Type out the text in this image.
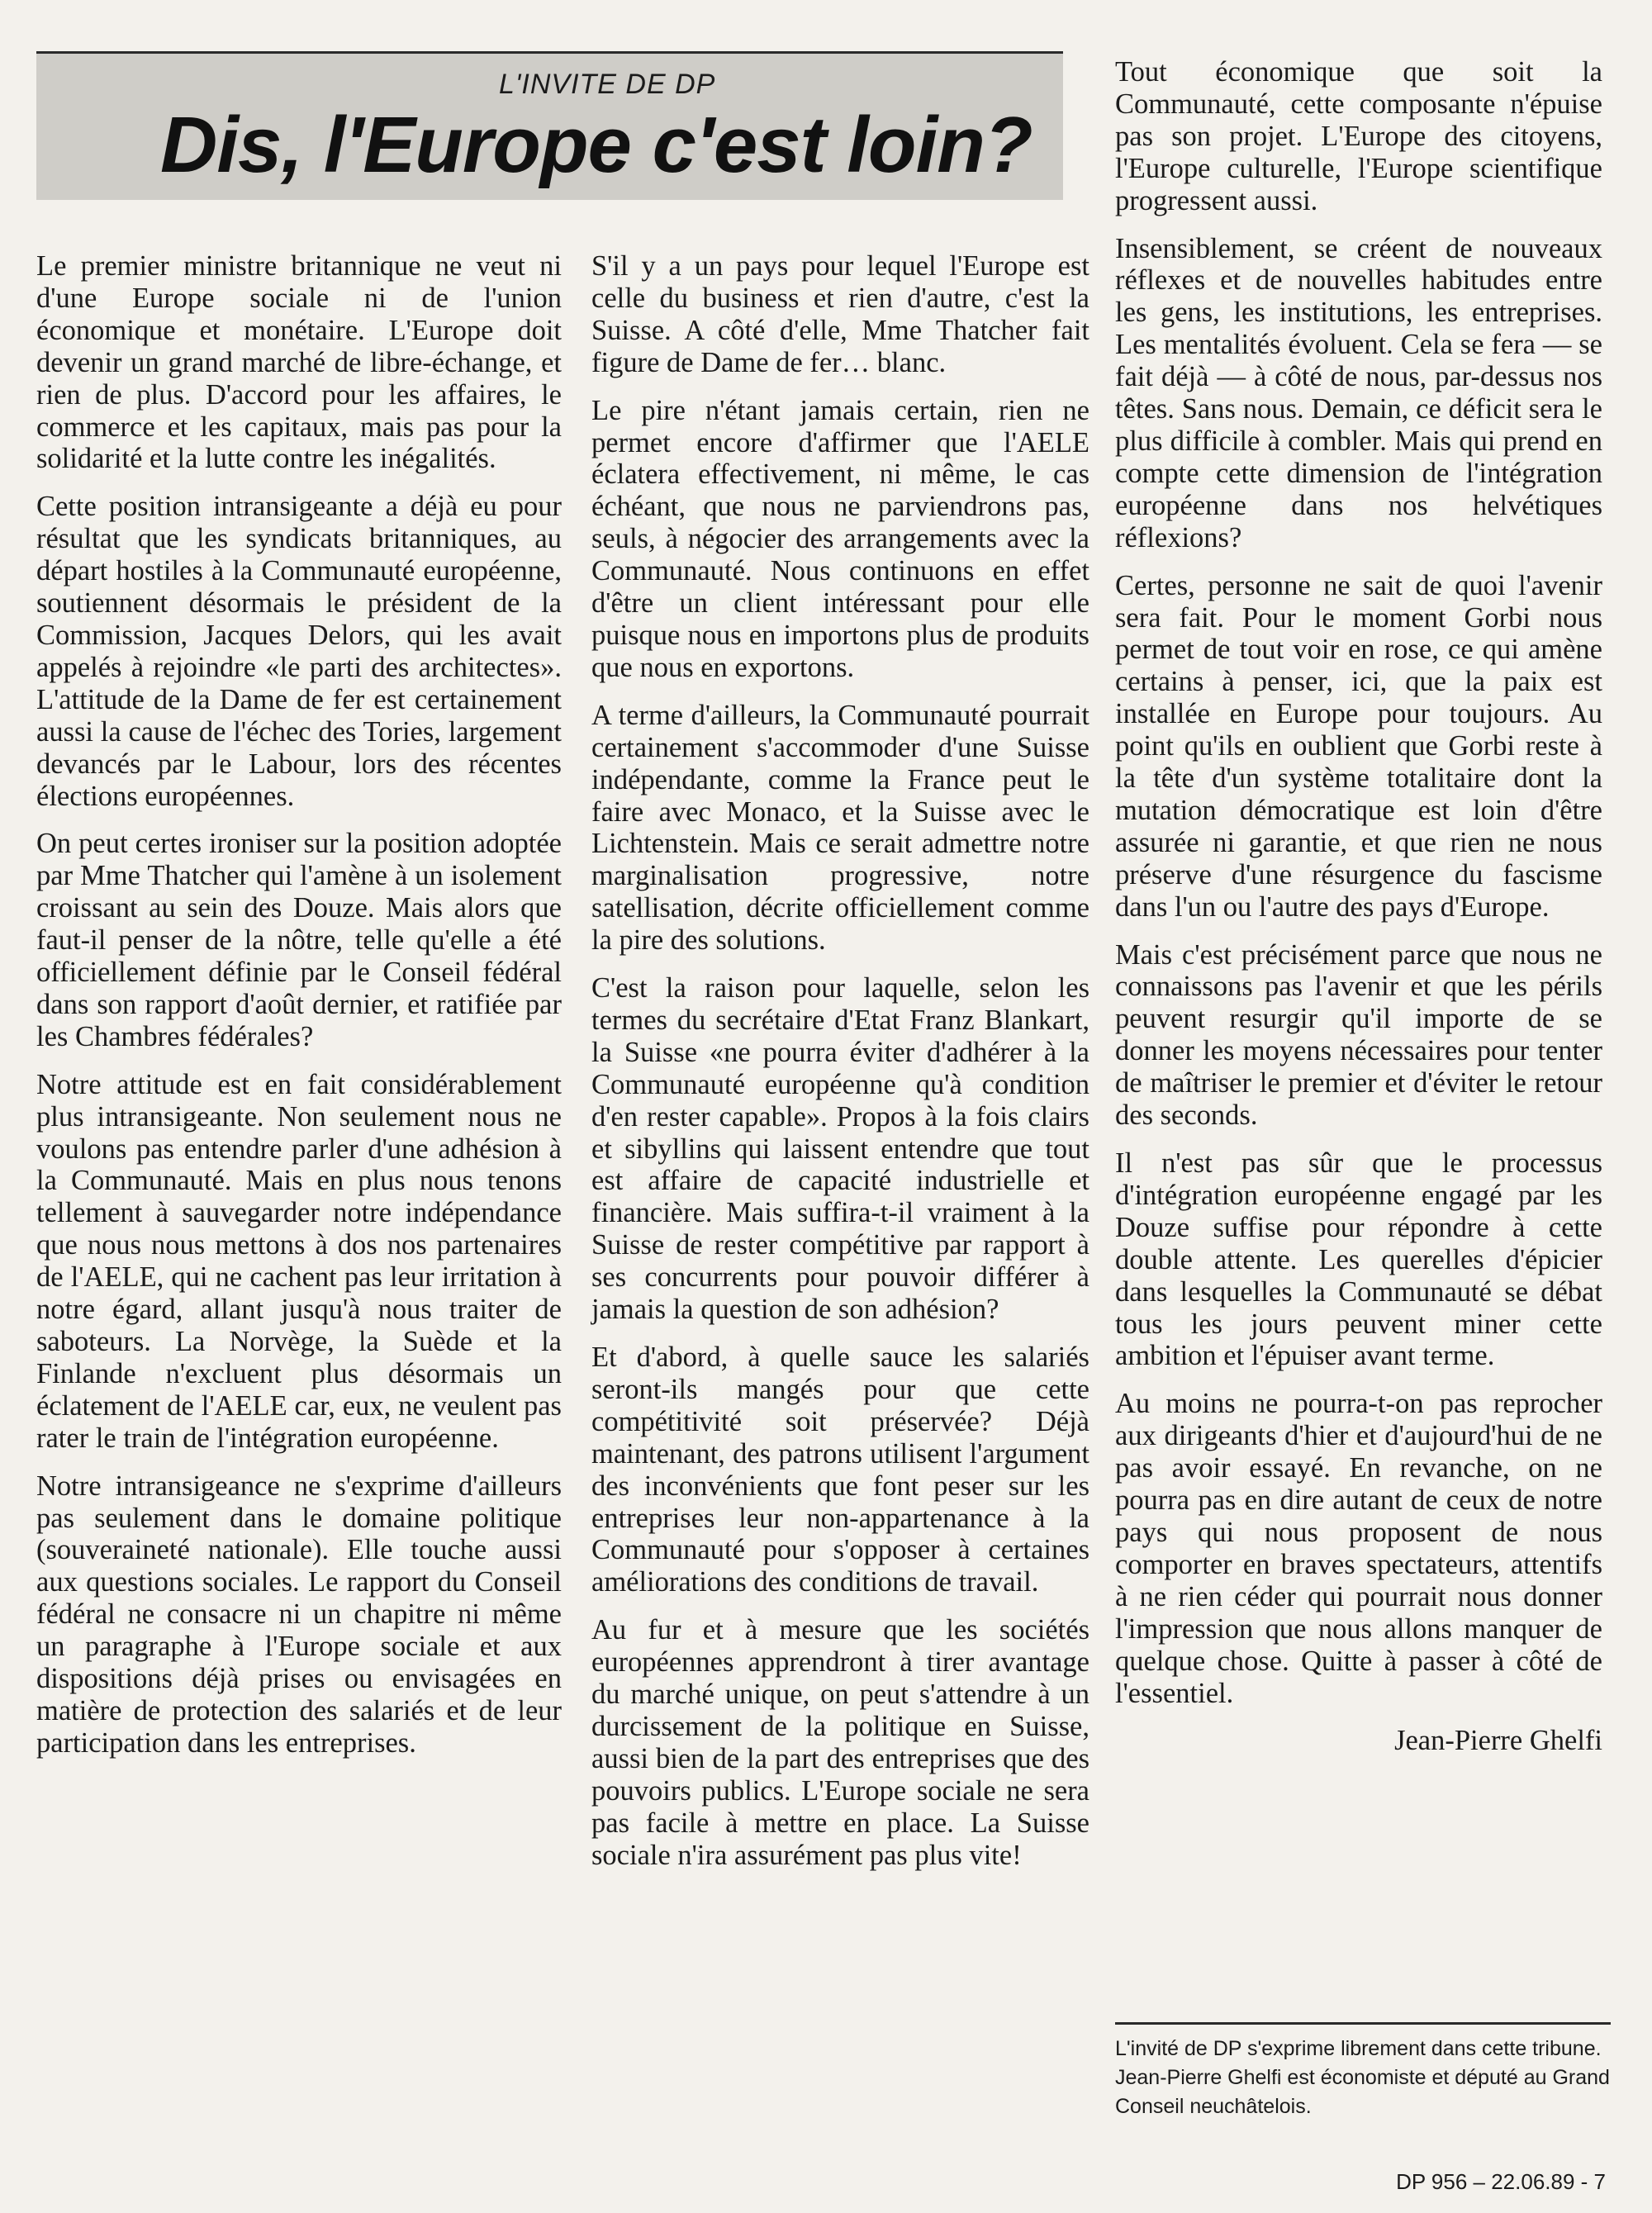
L'INVITE DE DP
Dis, l'Europe c'est loin?

Le premier ministre britannique ne veut ni d'une Europe sociale ni de l'union économique et monétaire. L'Europe doit devenir un grand marché de libre-échange, et rien de plus. D'accord pour les affaires, le commerce et les capitaux, mais pas pour la solidarité et la lutte contre les inégalités.

Cette position intransigeante a déjà eu pour résultat que les syndicats britanniques, au départ hostiles à la Communauté européenne, soutiennent désormais le président de la Commission, Jacques Delors, qui les avait appelés à rejoindre «le parti des architectes». L'attitude de la Dame de fer est certainement aussi la cause de l'échec des Tories, largement devancés par le Labour, lors des récentes élections européennes.

On peut certes ironiser sur la position adoptée par Mme Thatcher qui l'amène à un isolement croissant au sein des Douze. Mais alors que faut-il penser de la nôtre, telle qu'elle a été officiellement définie par le Conseil fédéral dans son rapport d'août dernier, et ratifiée par les Chambres fédérales?

Notre attitude est en fait considérablement plus intransigeante. Non seulement nous ne voulons pas entendre parler d'une adhésion à la Communauté. Mais en plus nous tenons tellement à sauvegarder notre indépendance que nous nous mettons à dos nos partenaires de l'AELE, qui ne cachent pas leur irritation à notre égard, allant jusqu'à nous traiter de saboteurs. La Norvège, la Suède et la Finlande n'excluent plus désormais un éclatement de l'AELE car, eux, ne veulent pas rater le train de l'intégration européenne.

Notre intransigeance ne s'exprime d'ailleurs pas seulement dans le domaine politique (souveraineté nationale). Elle touche aussi aux questions sociales. Le rapport du Conseil fédéral ne consacre ni un chapitre ni même un paragraphe à l'Europe sociale et aux dispositions déjà prises ou envisagées en matière de protection des salariés et de leur participation dans les entreprises.

S'il y a un pays pour lequel l'Europe est celle du business et rien d'autre, c'est la Suisse. A côté d'elle, Mme Thatcher fait figure de Dame de fer… blanc.

Le pire n'étant jamais certain, rien ne permet encore d'affirmer que l'AELE éclatera effectivement, ni même, le cas échéant, que nous ne parviendrons pas, seuls, à négocier des arrangements avec la Communauté. Nous continuons en effet d'être un client intéressant pour elle puisque nous en importons plus de produits que nous en exportons.

A terme d'ailleurs, la Communauté pourrait certainement s'accommoder d'une Suisse indépendante, comme la France peut le faire avec Monaco, et la Suisse avec le Lichtenstein. Mais ce serait admettre notre marginalisation progressive, notre satellisation, décrite officiellement comme la pire des solutions.

C'est la raison pour laquelle, selon les termes du secrétaire d'Etat Franz Blankart, la Suisse «ne pourra éviter d'adhérer à la Communauté européenne qu'à condition d'en rester capable». Propos à la fois clairs et sibyllins qui laissent entendre que tout est affaire de capacité industrielle et financière. Mais suffira-t-il vraiment à la Suisse de rester compétitive par rapport à ses concurrents pour pouvoir différer à jamais la question de son adhésion?

Et d'abord, à quelle sauce les salariés seront-ils mangés pour que cette compétitivité soit préservée? Déjà maintenant, des patrons utilisent l'argument des inconvénients que font peser sur les entreprises leur non-appartenance à la Communauté pour s'opposer à certaines améliorations des conditions de travail.

Au fur et à mesure que les sociétés européennes apprendront à tirer avantage du marché unique, on peut s'attendre à un durcissement de la politique en Suisse, aussi bien de la part des entreprises que des pouvoirs publics. L'Europe sociale ne sera pas facile à mettre en place. La Suisse sociale n'ira assurément pas plus vite!

Tout économique que soit la Communauté, cette composante n'épuise pas son projet. L'Europe des citoyens, l'Europe culturelle, l'Europe scientifique progressent aussi.

Insensiblement, se créent de nouveaux réflexes et de nouvelles habitudes entre les gens, les institutions, les entreprises. Les mentalités évoluent. Cela se fera — se fait déjà — à côté de nous, par-dessus nos têtes. Sans nous. Demain, ce déficit sera le plus difficile à combler. Mais qui prend en compte cette dimension de l'intégration européenne dans nos helvétiques réflexions?

Certes, personne ne sait de quoi l'avenir sera fait. Pour le moment Gorbi nous permet de tout voir en rose, ce qui amène certains à penser, ici, que la paix est installée en Europe pour toujours. Au point qu'ils en oublient que Gorbi reste à la tête d'un système totalitaire dont la mutation démocratique est loin d'être assurée ni garantie, et que rien ne nous préserve d'une résurgence du fascisme dans l'un ou l'autre des pays d'Europe.

Mais c'est précisément parce que nous ne connaissons pas l'avenir et que les périls peuvent resurgir qu'il importe de se donner les moyens nécessaires pour tenter de maîtriser le premier et d'éviter le retour des seconds.

Il n'est pas sûr que le processus d'intégration européenne engagé par les Douze suffise pour répondre à cette double attente. Les querelles d'épicier dans lesquelles la Communauté se débat tous les jours peuvent miner cette ambition et l'épuiser avant terme.

Au moins ne pourra-t-on pas reprocher aux dirigeants d'hier et d'aujourd'hui de ne pas avoir essayé. En revanche, on ne pourra pas en dire autant de ceux de notre pays qui nous proposent de nous comporter en braves spectateurs, attentifs à ne rien céder qui pourrait nous donner l'impression que nous allons manquer de quelque chose. Quitte à passer à côté de l'essentiel.

Jean-Pierre Ghelfi

L'invité de DP s'exprime librement dans cette tribune. Jean-Pierre Ghelfi est économiste et député au Grand Conseil neuchâtelois.
DP 956 – 22.06.89 - 7
